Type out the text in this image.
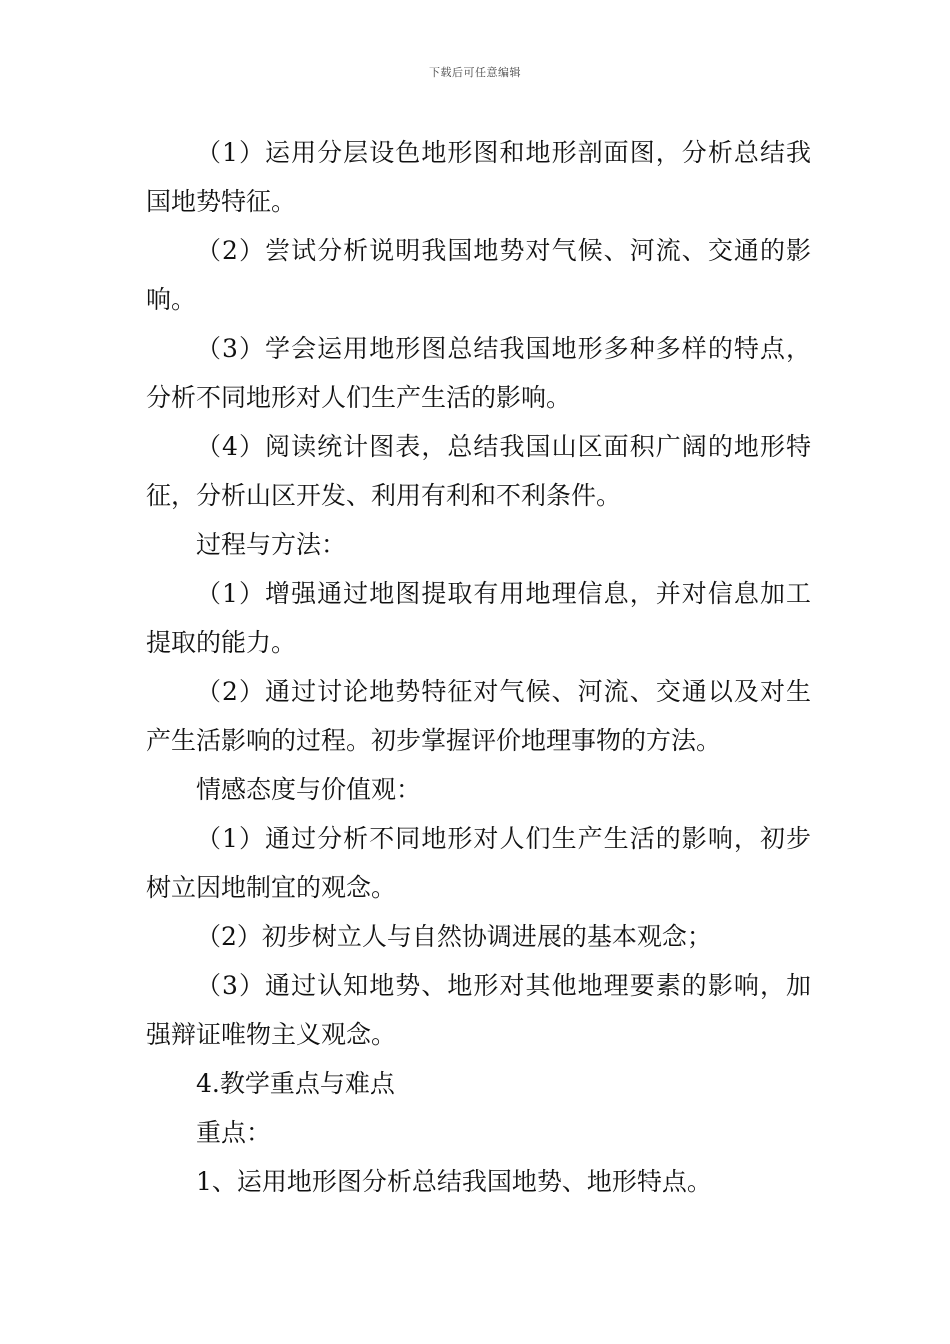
下载后可任意编辑

（1）运用分层设色地形图和地形剖面图，分析总结我国地势特征。

（2）尝试分析说明我国地势对气候、河流、交通的影响。

（3）学会运用地形图总结我国地形多种多样的特点，分析不同地形对人们生产生活的影响。

（4）阅读统计图表，总结我国山区面积广阔的地形特征，分析山区开发、利用有利和不利条件。

过程与方法：

（1）增强通过地图提取有用地理信息，并对信息加工提取的能力。

（2）通过讨论地势特征对气候、河流、交通以及对生产生活影响的过程。初步掌握评价地理事物的方法。

情感态度与价值观：

（1）通过分析不同地形对人们生产生活的影响，初步树立因地制宜的观念。

（2）初步树立人与自然协调进展的基本观念；

（3）通过认知地势、地形对其他地理要素的影响，加强辩证唯物主义观念。

4.教学重点与难点

重点：

1、运用地形图分析总结我国地势、地形特点。
